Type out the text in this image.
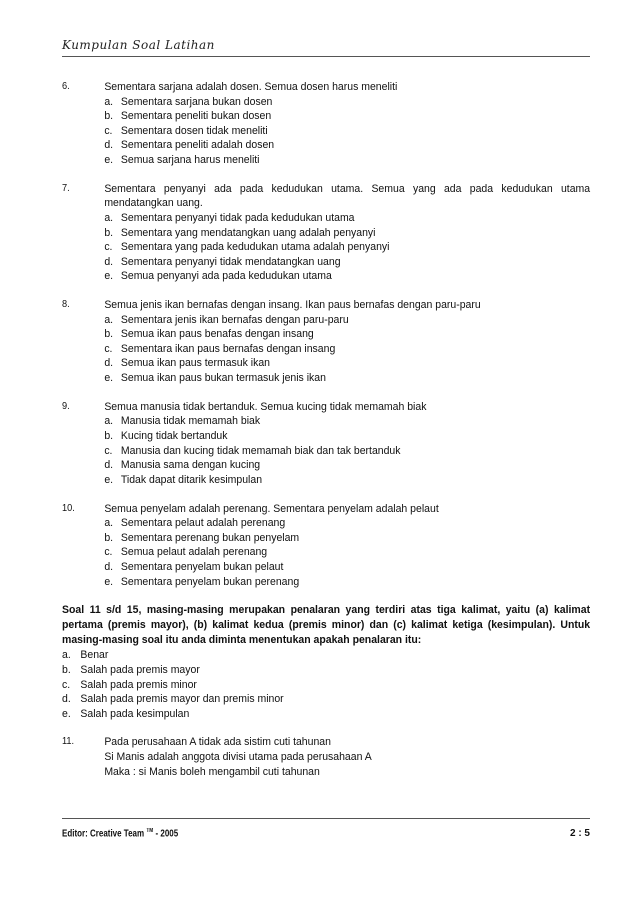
Kumpulan Soal Latihan
6.	Sementara sarjana adalah dosen. Semua dosen harus meneliti
a. Sementara sarjana bukan dosen
b. Sementara peneliti bukan dosen
c. Sementara dosen tidak meneliti
d. Sementara peneliti adalah dosen
e. Semua sarjana harus meneliti
7.	Sementara penyanyi ada pada kedudukan utama. Semua yang ada pada kedudukan utama mendatangkan uang.
a. Sementara penyanyi tidak pada kedudukan utama
b. Sementara yang mendatangkan uang adalah penyanyi
c. Sementara yang pada kedudukan utama adalah penyanyi
d. Sementara penyanyi tidak mendatangkan uang
e. Semua penyanyi ada pada kedudukan utama
8.	Semua jenis ikan bernafas dengan insang. Ikan paus bernafas dengan paru-paru
a. Sementara jenis ikan bernafas dengan paru-paru
b. Semua ikan paus benafas dengan insang
c. Sementara ikan paus bernafas dengan insang
d. Semua ikan paus termasuk ikan
e. Semua ikan paus bukan termasuk jenis ikan
9.	Semua manusia tidak bertanduk. Semua kucing tidak memamah biak
a. Manusia tidak memamah biak
b. Kucing tidak bertanduk
c. Manusia dan kucing tidak memamah biak dan tak bertanduk
d. Manusia sama dengan kucing
e. Tidak dapat ditarik kesimpulan
10.	Semua penyelam adalah perenang. Sementara penyelam adalah pelaut
a. Sementara pelaut adalah perenang
b. Sementara perenang bukan penyelam
c. Semua pelaut adalah perenang
d. Sementara penyelam bukan pelaut
e. Sementara penyelam bukan perenang
Soal 11 s/d 15, masing-masing merupakan penalaran yang terdiri atas tiga kalimat, yaitu (a) kalimat pertama (premis mayor), (b) kalimat kedua (premis minor) dan (c) kalimat ketiga (kesimpulan). Untuk masing-masing soal itu anda diminta menentukan apakah penalaran itu:
a. Benar
b. Salah pada premis mayor
c. Salah pada premis minor
d. Salah pada premis mayor dan premis minor
e. Salah pada kesimpulan
11.	Pada perusahaan A tidak ada sistim cuti tahunan
Si Manis adalah anggota divisi utama pada perusahaan A
Maka : si Manis boleh mengambil cuti tahunan
Editor: Creative Team ™ - 2005	2 : 5
